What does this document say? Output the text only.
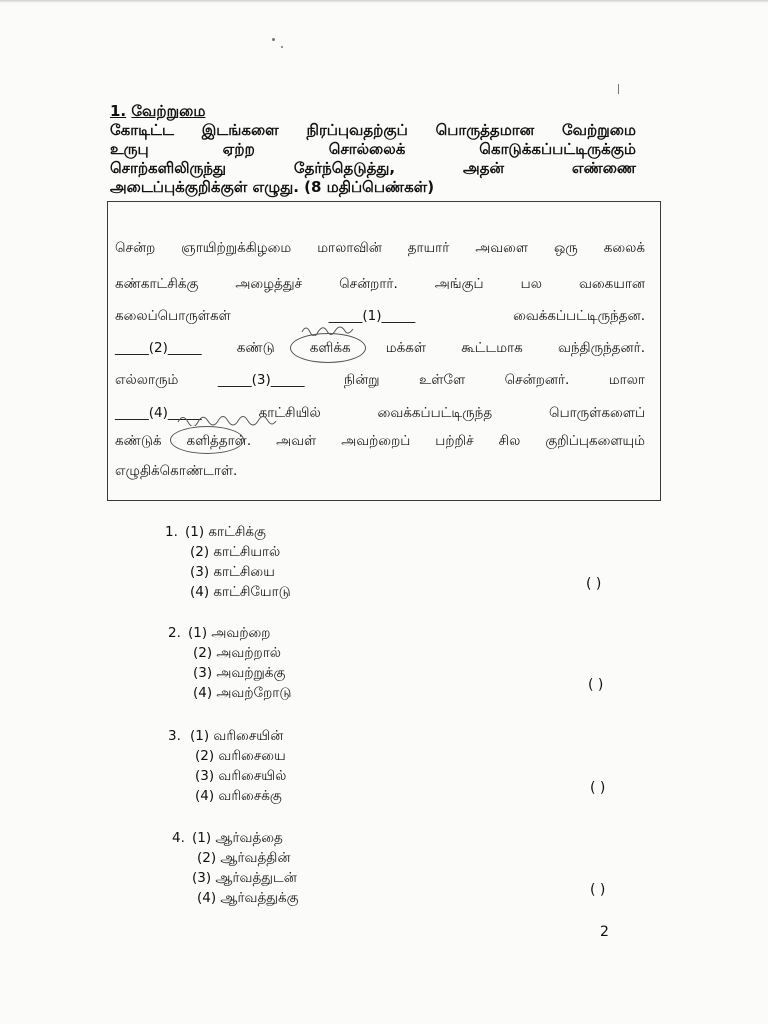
1. வேற்றுமை
கோடிட்ட இடங்களை நிரப்புவதற்குப் பொருத்தமான வேற்றுமை
உருபு ஏற்ற சொல்லைக் கொடுக்கப்பட்டிருக்கும்
சொற்களிலிருந்து தேர்ந்தெடுத்து, அதன் எண்ணை
அடைப்புக்குறிக்குள் எழுது. (8 மதிப்பெண்கள்)
சென்ற ஞாயிற்றுக்கிழமை மாலாவின் தாயார் அவளை ஒரு கலைக்
கண்காட்சிக்கு அழைத்துச் சென்றார். அங்குப் பல வகையான
கலைப்பொருள்கள் _____(1)_____ வைக்கப்பட்டிருந்தன.
_____(2)_____ கண்டு களிக்க மக்கள் கூட்டமாக வந்திருந்தனர்.
எல்லாரும் _____(3)_____ நின்று உள்ளே சென்றனர். மாலா
_____(4)_____ காட்சியில் வைக்கப்பட்டிருந்த பொருள்களைப்
கண்டுக் களித்தாள். அவள் அவற்றைப் பற்றிச் சில குறிப்புகளையும்
எழுதிக்கொண்டாள்.
1. (1) காட்சிக்கு
(2) காட்சியால்
(3) காட்சியை
(4) காட்சியோடு	( )
2. (1) அவற்றை
(2) அவற்றால்
(3) அவற்றுக்கு
(4) அவற்றோடு	( )
3. (1) வரிசையின்
(2) வரிசையை
(3) வரிசையில்
(4) வரிசைக்கு	( )
4. (1) ஆர்வத்தை
(2) ஆர்வத்தின்
(3) ஆர்வத்துடன்
(4) ஆர்வத்துக்கு	( )
2
